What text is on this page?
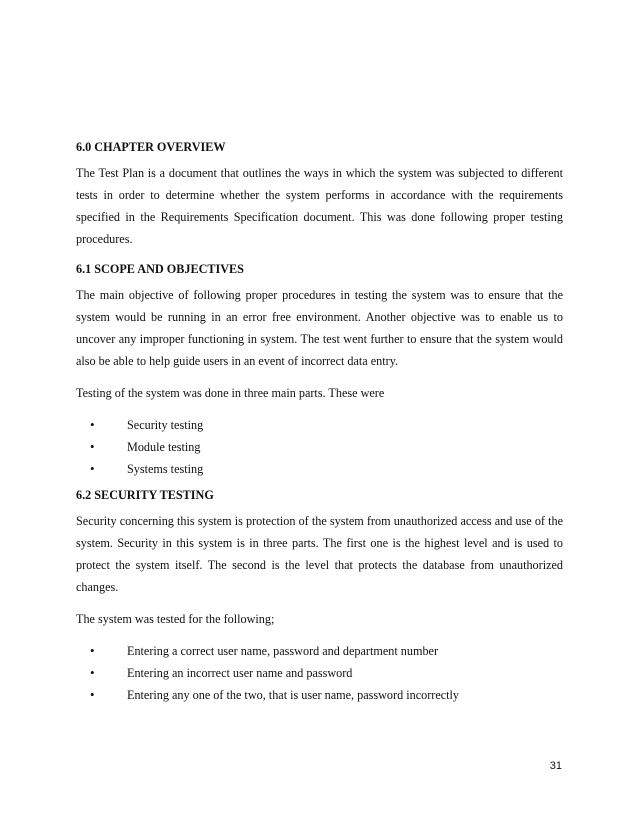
6.0 CHAPTER OVERVIEW

The Test Plan is a document that outlines the ways in which the system was subjected to different tests in order to determine whether the system performs in accordance with the requirements specified in the Requirements Specification document. This was done following proper testing procedures.

6.1 SCOPE AND OBJECTIVES

The main objective of following proper procedures in testing the system was to ensure that the system would be running in an error free environment. Another objective was to enable us to uncover any improper functioning in system. The test went further to ensure that the system would also be able to help guide users in an event of incorrect data entry.

Testing of the system was done in three main parts. These were

• Security testing
• Module testing
• Systems testing
6.2 SECURITY TESTING

Security concerning this system is protection of the system from unauthorized access and use of the system. Security in this system is in three parts. The first one is the highest level and is used to protect the system itself. The second is the level that protects the database from unauthorized changes.

The system was tested for the following;

• Entering a correct user name, password and department number
• Entering an incorrect user name and password
• Entering any one of the two, that is user name, password incorrectly
31
